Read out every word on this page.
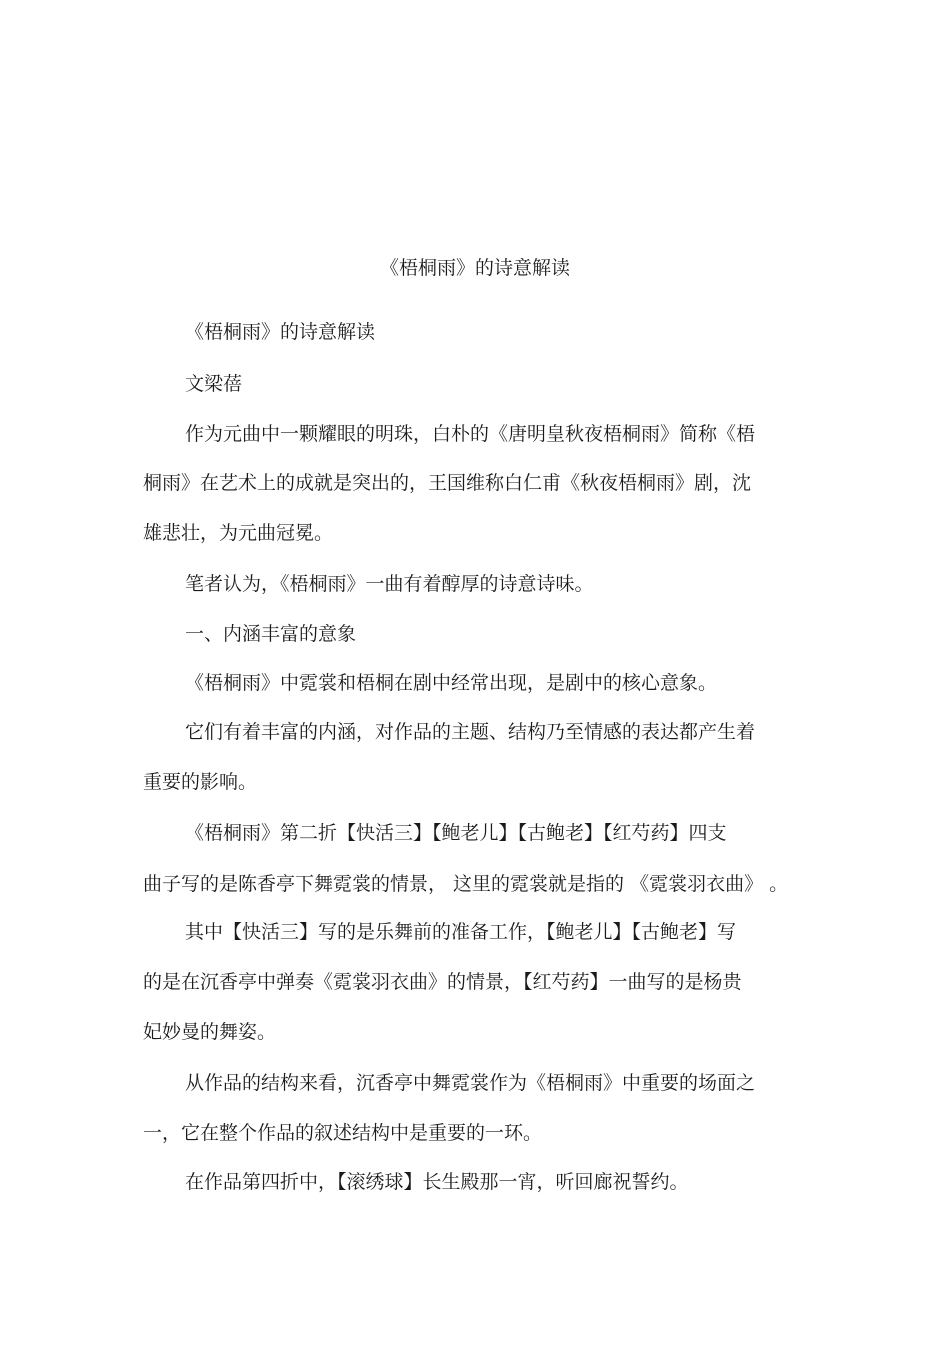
《梧桐雨》的诗意解读
《梧桐雨》的诗意解读
文梁蓓
作为元曲中一颗耀眼的明珠，白朴的《唐明皇秋夜梧桐雨》简称《梧
桐雨》在艺术上的成就是突出的，王国维称白仁甫《秋夜梧桐雨》剧，沈
雄悲壮，为元曲冠冕。
笔者认为，《梧桐雨》一曲有着醇厚的诗意诗味。
一、内涵丰富的意象
《梧桐雨》中霓裳和梧桐在剧中经常出现，是剧中的核心意象。
它们有着丰富的内涵，对作品的主题、结构乃至情感的表达都产生着
重要的影响。
《梧桐雨》第二折【快活三】【鲍老儿】【古鲍老】【红芍药】四支
曲子写的是陈香亭下舞霓裳的情景， 这里的霓裳就是指的 《霓裳羽衣曲》 。
其中【快活三】写的是乐舞前的准备工作，【鲍老儿】【古鲍老】写
的是在沉香亭中弹奏《霓裳羽衣曲》的情景，【红芍药】一曲写的是杨贵
妃妙曼的舞姿。
从作品的结构来看，沉香亭中舞霓裳作为《梧桐雨》中重要的场面之
一，它在整个作品的叙述结构中是重要的一环。
在作品第四折中，【滚绣球】长生殿那一宵，听回廊祝誓约。
